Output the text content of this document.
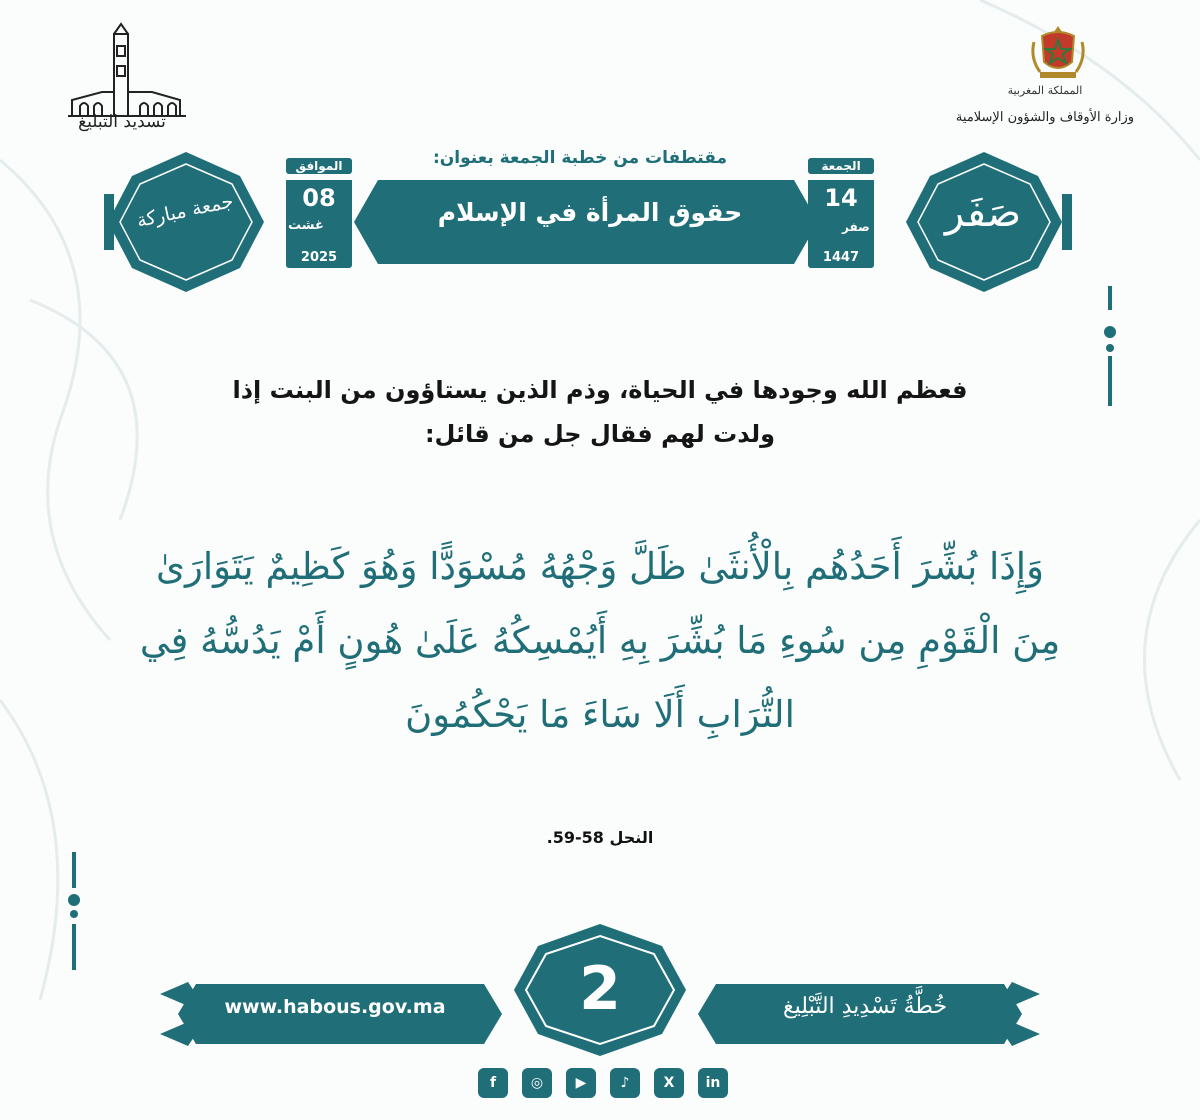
تسديد التبليغ
المملكة المغربية
وزارة الأوقاف والشؤون الإسلامية
مقتطفات من خطبة الجمعة بعنوان:
حقوق المرأة في الإسلام
الجمعة
14
صفر
1447
الموافق
08
غشت
2025
صَفَر
جمعة مباركة
فعظم الله وجودها في الحياة، وذم الذين يستاؤون من البنت إذا
ولدت لهم فقال جل من قائل:
وَإِذَا بُشِّرَ أَحَدُهُم بِالْأُنثَىٰ ظَلَّ وَجْهُهُ مُسْوَدًّا وَهُوَ كَظِيمٌ يَتَوَارَىٰ
مِنَ الْقَوْمِ مِن سُوءِ مَا بُشِّرَ بِهِ أَيُمْسِكُهُ عَلَىٰ هُونٍ أَمْ يَدُسُّهُ فِي
التُّرَابِ أَلَا سَاءَ مَا يَحْكُمُونَ
النحل 58-59.
www.habous.gov.ma	2	خُطَّةُ تَسْدِيدِ التَّبْلِيغ
f	◎	▶	♪	X	in
